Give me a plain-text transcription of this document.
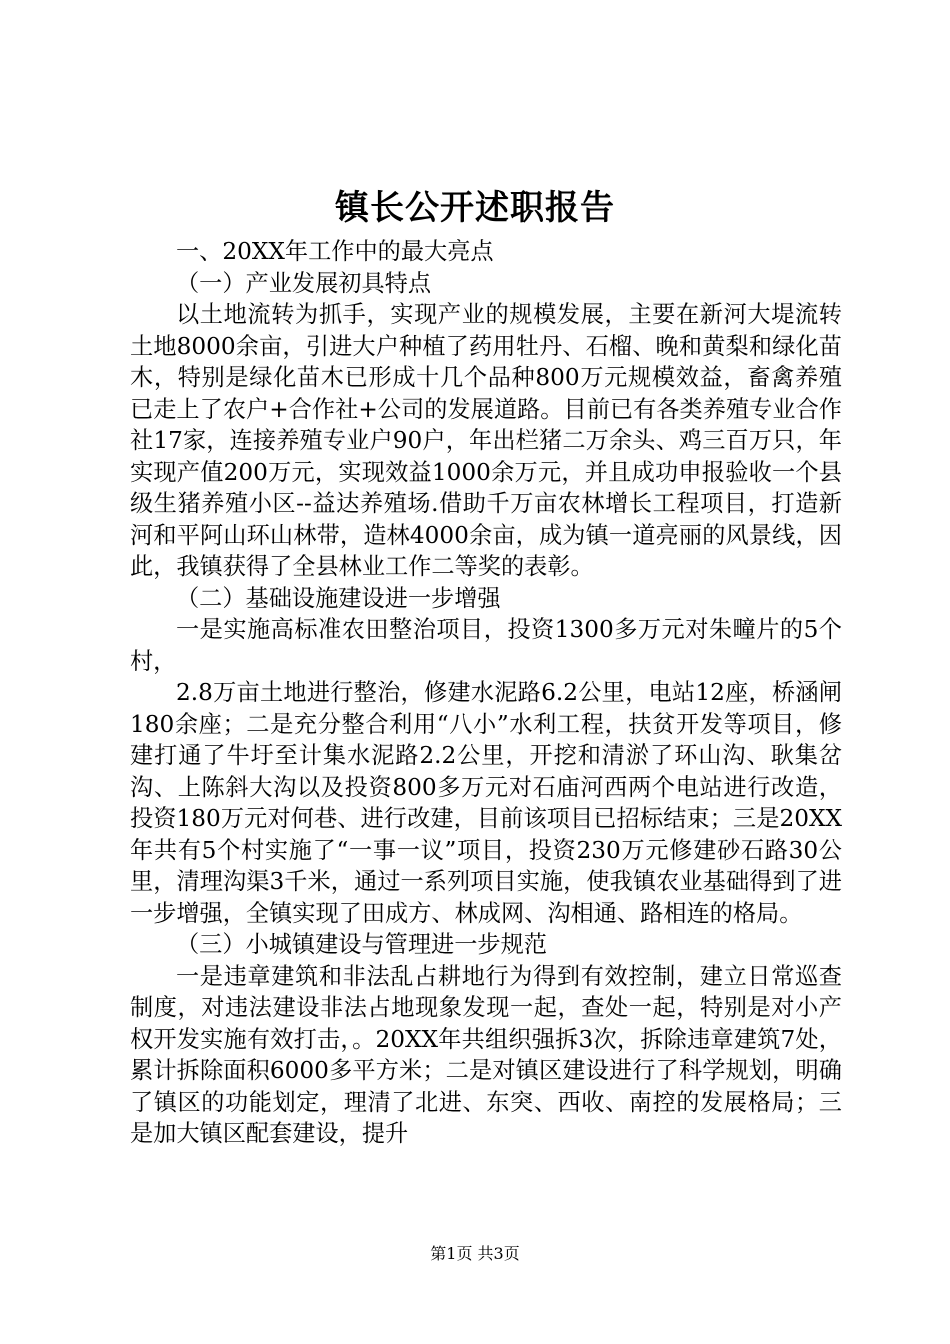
镇长公开述职报告

一、20XX年工作中的最大亮点

（一）产业发展初具特点

以土地流转为抓手，实现产业的规模发展，主要在新河大堤流转土地8000余亩，引进大户种植了药用牡丹、石榴、晚和黄梨和绿化苗木，特别是绿化苗木已形成十几个品种800万元规模效益，畜禽养殖已走上了农户+合作社+公司的发展道路。目前已有各类养殖专业合作社17家，连接养殖专业户90户，年出栏猪二万余头、鸡三百万只，年实现产值200万元，实现效益1000余万元，并且成功申报验收一个县级生猪养殖小区--益达养殖场.借助千万亩农林增长工程项目，打造新河和平阿山环山林带，造林4000余亩，成为镇一道亮丽的风景线，因此，我镇获得了全县林业工作二等奖的表彰。

（二）基础设施建设进一步增强

一是实施高标准农田整治项目，投资1300多万元对朱疃片的5个村，

2.8万亩土地进行整治，修建水泥路6.2公里，电站12座，桥涵闸180余座；二是充分整合利用“八小”水利工程，扶贫开发等项目，修建打通了牛圩至计集水泥路2.2公里，开挖和清淤了环山沟、耿集岔沟、上陈斜大沟以及投资800多万元对石庙河西两个电站进行改造，投资180万元对何巷、进行改建，目前该项目已招标结束；三是20XX年共有5个村实施了“一事一议”项目，投资230万元修建砂石路30公里，清理沟渠3千米，通过一系列项目实施，使我镇农业基础得到了进一步增强，全镇实现了田成方、林成网、沟相通、路相连的格局。

（三）小城镇建设与管理进一步规范

一是违章建筑和非法乱占耕地行为得到有效控制，建立日常巡查制度，对违法建设非法占地现象发现一起，查处一起，特别是对小产权开发实施有效打击，。20XX年共组织强拆3次，拆除违章建筑7处，累计拆除面积6000多平方米；二是对镇区建设进行了科学规划，明确了镇区的功能划定，理清了北进、东突、西收、南控的发展格局；三是加大镇区配套建设，提升

第1页 共3页
